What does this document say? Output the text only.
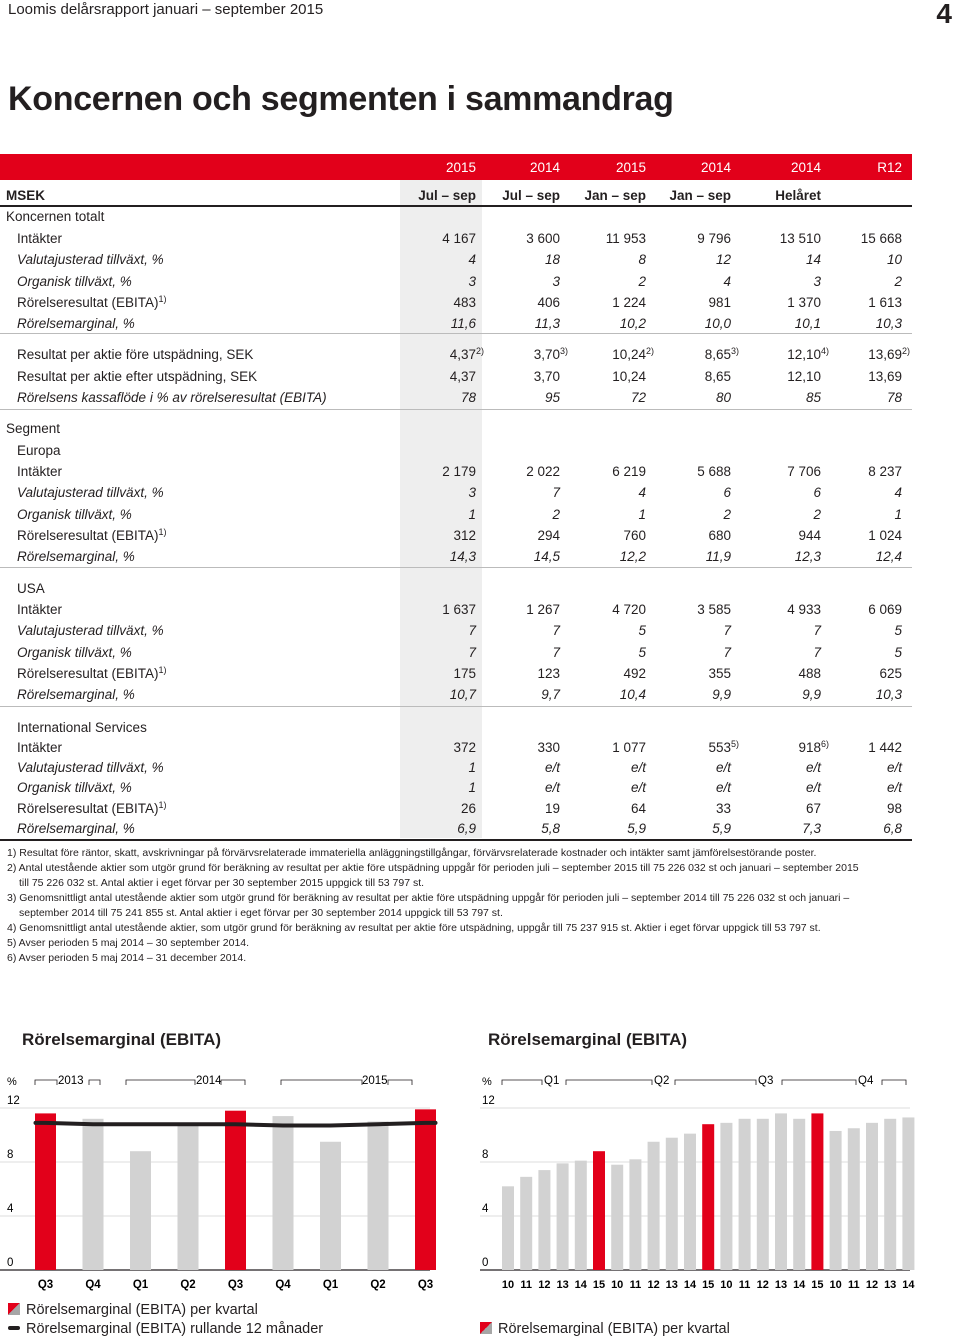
Loomis delårsrapport januari – september 2015	4
Koncernen och segmenten i sammandrag
2015	2014	2015	2014	2014	R12
MSEK	Jul – sep	Jul – sep	Jan – sep	Jan – sep	Helåret
Koncernen totalt
Intäkter	4 167	3 600	11 953	9 796	13 510	15 668
Valutajusterad tillväxt, %	4	18	8	12	14	10
Organisk tillväxt, %	3	3	2	4	3	2
Rörelseresultat (EBITA)$^{1)}$	483	406	1 224	981	1 370	1 613
Rörelsemarginal, %	11,6	11,3	10,2	10,0	10,1	10,3
Resultat per aktie före utspädning, SEK	4,37$^{2)}$	3,70$^{3)}$	10,24$^{2)}$	8,65$^{3)}$	12,10$^{4)}$	13,69$^{2)}$
Resultat per aktie efter utspädning, SEK	4,37	3,70	10,24	8,65	12,10	13,69
Rörelsens kassaflöde i % av rörelseresultat (EBITA)	78	95	72	80	85	78
Segment
Europa
Intäkter	2 179	2 022	6 219	5 688	7 706	8 237
Valutajusterad tillväxt, %	3	7	4	6	6	4
Organisk tillväxt, %	1	2	1	2	2	1
Rörelseresultat (EBITA)$^{1)}$	312	294	760	680	944	1 024
Rörelsemarginal, %	14,3	14,5	12,2	11,9	12,3	12,4
USA
Intäkter	1 637	1 267	4 720	3 585	4 933	6 069
Valutajusterad tillväxt, %	7	7	5	7	7	5
Organisk tillväxt, %	7	7	5	7	7	5
Rörelseresultat (EBITA)$^{1)}$	175	123	492	355	488	625
Rörelsemarginal, %	10,7	9,7	10,4	9,9	9,9	10,3
International Services
Intäkter	372	330	1 077	553$^{5)}$	918$^{6)}$	1 442
Valutajusterad tillväxt, %	1	e/t	e/t	e/t	e/t	e/t
Organisk tillväxt, %	1	e/t	e/t	e/t	e/t	e/t
Rörelseresultat (EBITA)$^{1)}$	26	19	64	33	67	98
Rörelsemarginal, %	6,9	5,8	5,9	5,9	7,3	6,8
1) Resultat före räntor, skatt, avskrivningar på förvärvsrelaterade immateriella anläggningstillgångar, förvärvsrelaterade kostnader och intäkter samt jämförelsestörande poster.
2) Antal utestående aktier som utgör grund för beräkning av resultat per aktie före utspädning uppgår för perioden juli – september 2015 till 75 226 032 st och januari – september 2015
till 75 226 032 st. Antal aktier i eget förvar per 30 september 2015 uppgick till 53 797 st.
3) Genomsnittligt antal utestående aktier som utgör grund för beräkning av resultat per aktie före utspädning uppgår för perioden juli – september 2014 till 75 226 032 st och januari –
september 2014 till 75 241 855 st. Antal aktier i eget förvar per 30 september 2014 uppgick till 53 797 st.
4) Genomsnittligt antal utestående aktier, som utgör grund för beräkning av resultat per aktie före utspädning, uppgår till 75 237 915 st. Aktier i eget förvar uppgick till 53 797 st.
5) Avser perioden 5 maj 2014 – 30 september 2014.
6) Avser perioden 5 maj 2014 – 31 december 2014.
Rörelsemarginal (EBITA)	Rörelsemarginal (EBITA)
%
0
4
8
12
2013	2014	2015
Q3	Q4	Q1	Q2	Q3	Q4	Q1	Q2	Q3
%
0
4
8
12
Q1	Q2	Q3	Q4
10 11 12 13 14 15 10 11 12 13 14 15 10 11 12 13 14 15 10 11 12 13 14
Rörelsemarginal (EBITA) per kvartal
Rörelsemarginal (EBITA) rullande 12 månader	Rörelsemarginal (EBITA) per kvartal
